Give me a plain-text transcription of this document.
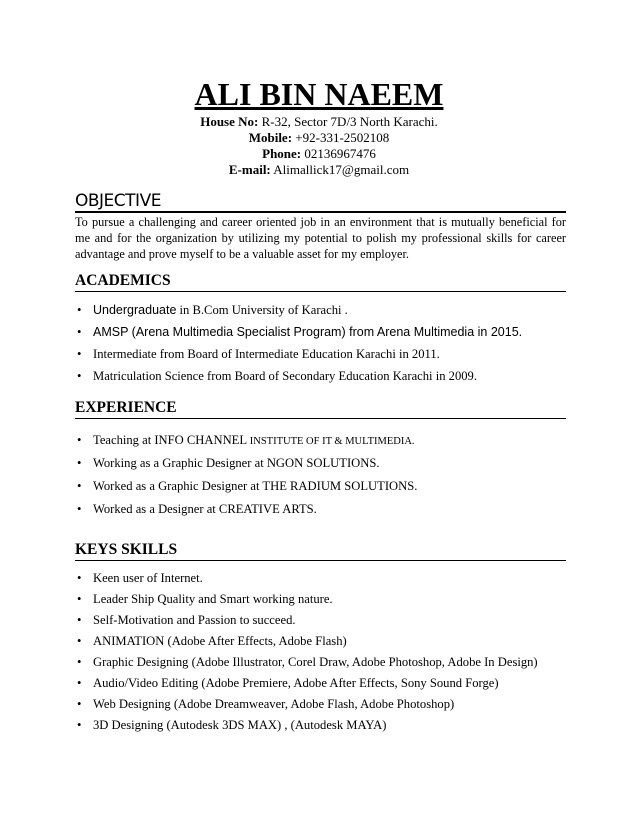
ALI BIN NAEEM
House No: R-32, Sector 7D/3 North Karachi.
Mobile: +92-331-2502108
Phone: 02136967476
E-mail: Alimallick17@gmail.com
OBJECTIVE
To pursue a challenging and career oriented job in an environment that is mutually beneficial for me and for the organization by utilizing my potential to polish my professional skills for career advantage and prove myself to be a valuable asset for my employer.
ACADEMICS
• Undergraduate in B.Com University of Karachi .
• AMSP (Arena Multimedia Specialist Program) from Arena Multimedia in 2015.
• Intermediate from Board of Intermediate Education Karachi in 2011.
• Matriculation Science from Board of Secondary Education Karachi in 2009.
EXPERIENCE
• Teaching at INFO CHANNEL INSTITUTE OF IT & MULTIMEDIA.
• Working as a Graphic Designer at NGON SOLUTIONS.
• Worked as a Graphic Designer at THE RADIUM SOLUTIONS.
• Worked as a Designer at CREATIVE ARTS.
KEYS SKILLS
• Keen user of Internet.
• Leader Ship Quality and Smart working nature.
• Self-Motivation and Passion to succeed.
• ANIMATION (Adobe After Effects, Adobe Flash)
• Graphic Designing (Adobe Illustrator, Corel Draw, Adobe Photoshop, Adobe In Design)
• Audio/Video Editing (Adobe Premiere, Adobe After Effects, Sony Sound Forge)
• Web Designing (Adobe Dreamweaver, Adobe Flash, Adobe Photoshop)
• 3D Designing (Autodesk 3DS MAX) , (Autodesk MAYA)
